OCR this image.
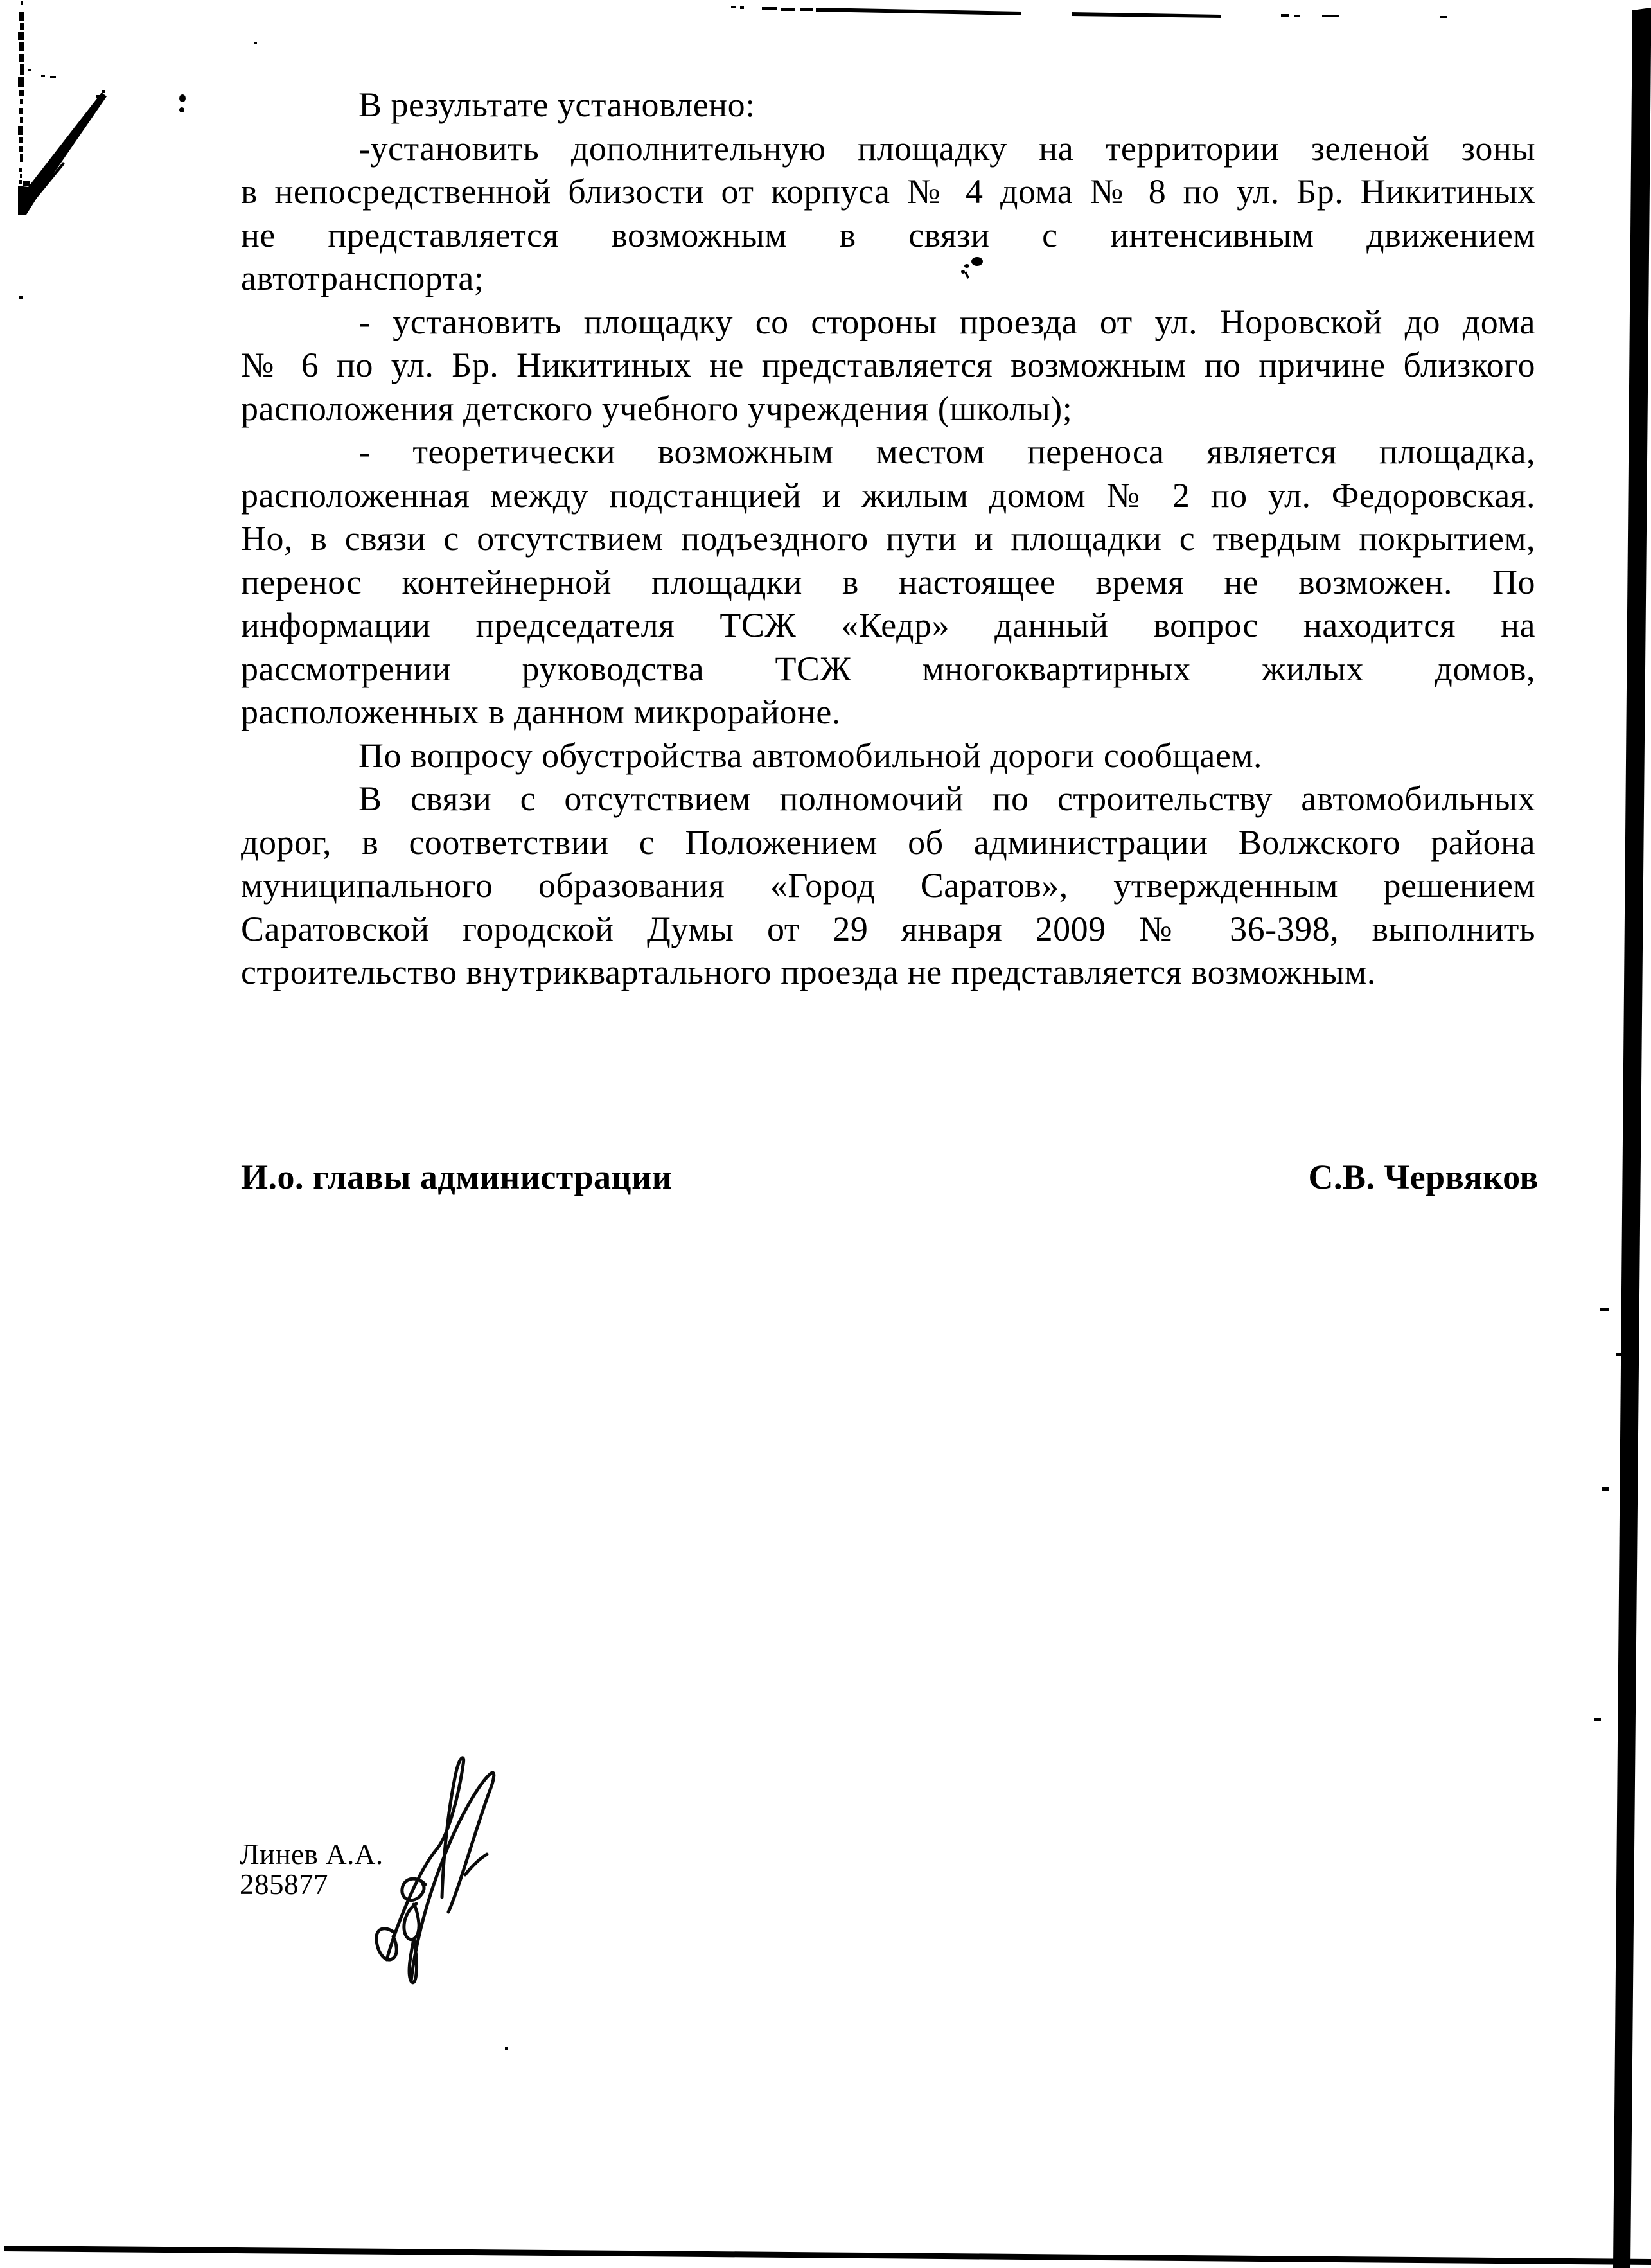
В результате установлено:
-установить дополнительную площадку на территории зеленой зоны
в непосредственной близости от корпуса № 4 дома № 8 по ул. Бр. Никитиных
не представляется возможным в связи с интенсивным движением
автотранспорта;
- установить площадку со стороны проезда от ул. Норовской до дома
№ 6 по ул. Бр. Никитиных не представляется возможным по причине близкого
расположения детского учебного учреждения (школы);
- теоретически возможным местом переноса является площадка,
расположенная между подстанцией и жилым домом № 2 по ул. Федоровская.
Но, в связи с отсутствием подъездного пути и площадки с твердым покрытием,
перенос контейнерной площадки в настоящее время не возможен. По
информации председателя ТСЖ «Кедр» данный вопрос находится на
рассмотрении руководства ТСЖ многоквартирных жилых домов,
расположенных в данном микрорайоне.
По вопросу обустройства автомобильной дороги сообщаем.
В связи с отсутствием полномочий по строительству автомобильных
дорог, в соответствии с Положением об администрации Волжского района
муниципального образования «Город Саратов», утвержденным решением
Саратовской городской Думы от 29 января 2009 № 36-398, выполнить
строительство внутриквартального проезда не представляется возможным.
И.о. главы администрации	С.В. Червяков
Линев А.А.
285877
